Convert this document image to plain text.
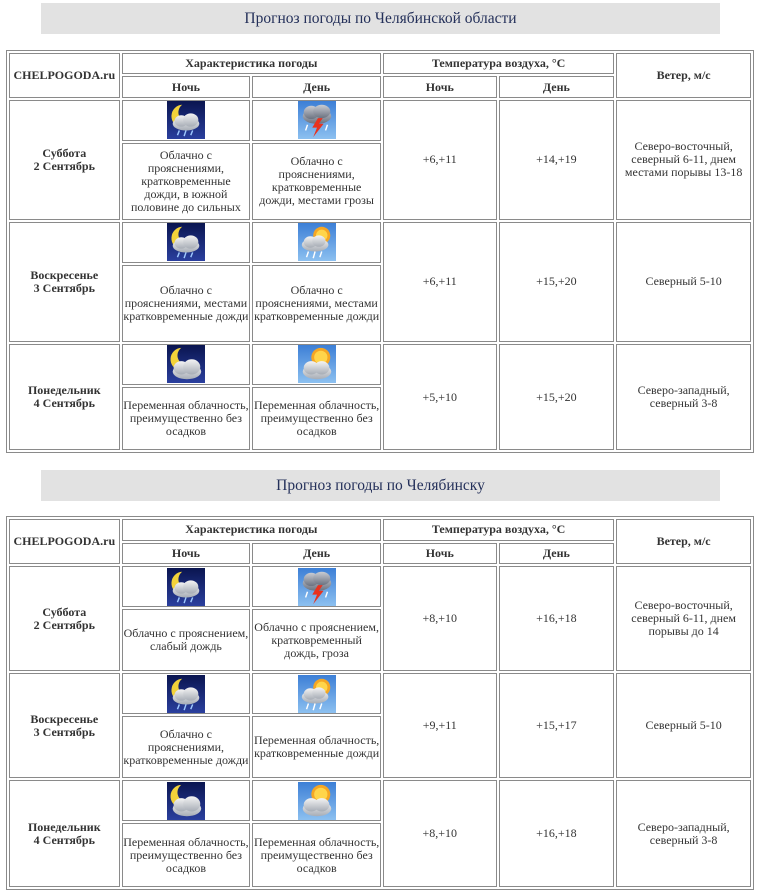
Прогноз погоды по Челябинской области
CHELPOGODA.ru	Характеристика погоды		Температура воздуха, °С		Ветер, м/с
	Ночь	День	Ночь	День	
Суббота
2 Сентябрь			+6,+11	+14,+19	Северо-восточный, северный 6-11, днем местами порывы 13-18
	Облачно с прояснениями, кратковременные дожди, в южной половине до сильных	Облачно с прояснениями, кратковременные дожди, местами грозы			
Воскресенье
3 Сентябрь			+6,+11	+15,+20	Северный 5-10
	Облачно с прояснениями, местами кратковременные дожди	Облачно с прояснениями, местами кратковременные дожди			
Понедельник
4 Сентябрь			+5,+10	+15,+20	Северо-западный, северный 3-8
	Переменная облачность, преимущественно без осадков	Переменная облачность, преимущественно без осадков			
Прогноз погоды по Челябинску
CHELPOGODA.ru	Характеристика погоды		Температура воздуха, °С		Ветер, м/с
	Ночь	День	Ночь	День	
Суббота
2 Сентябрь			+8,+10	+16,+18	Северо-восточный, северный 6-11, днем порывы до 14
	Облачно с прояснением, слабый дождь	Облачно с прояснением, кратковременный дождь, гроза			
Воскресенье
3 Сентябрь			+9,+11	+15,+17	Северный 5-10
	Облачно с прояснениями, кратковременные дожди	Переменная облачность, кратковременные дожди			
Понедельник
4 Сентябрь			+8,+10	+16,+18	Северо-западный, северный 3-8
	Переменная облачность, преимущественно без осадков	Переменная облачность, преимущественно без осадков			
